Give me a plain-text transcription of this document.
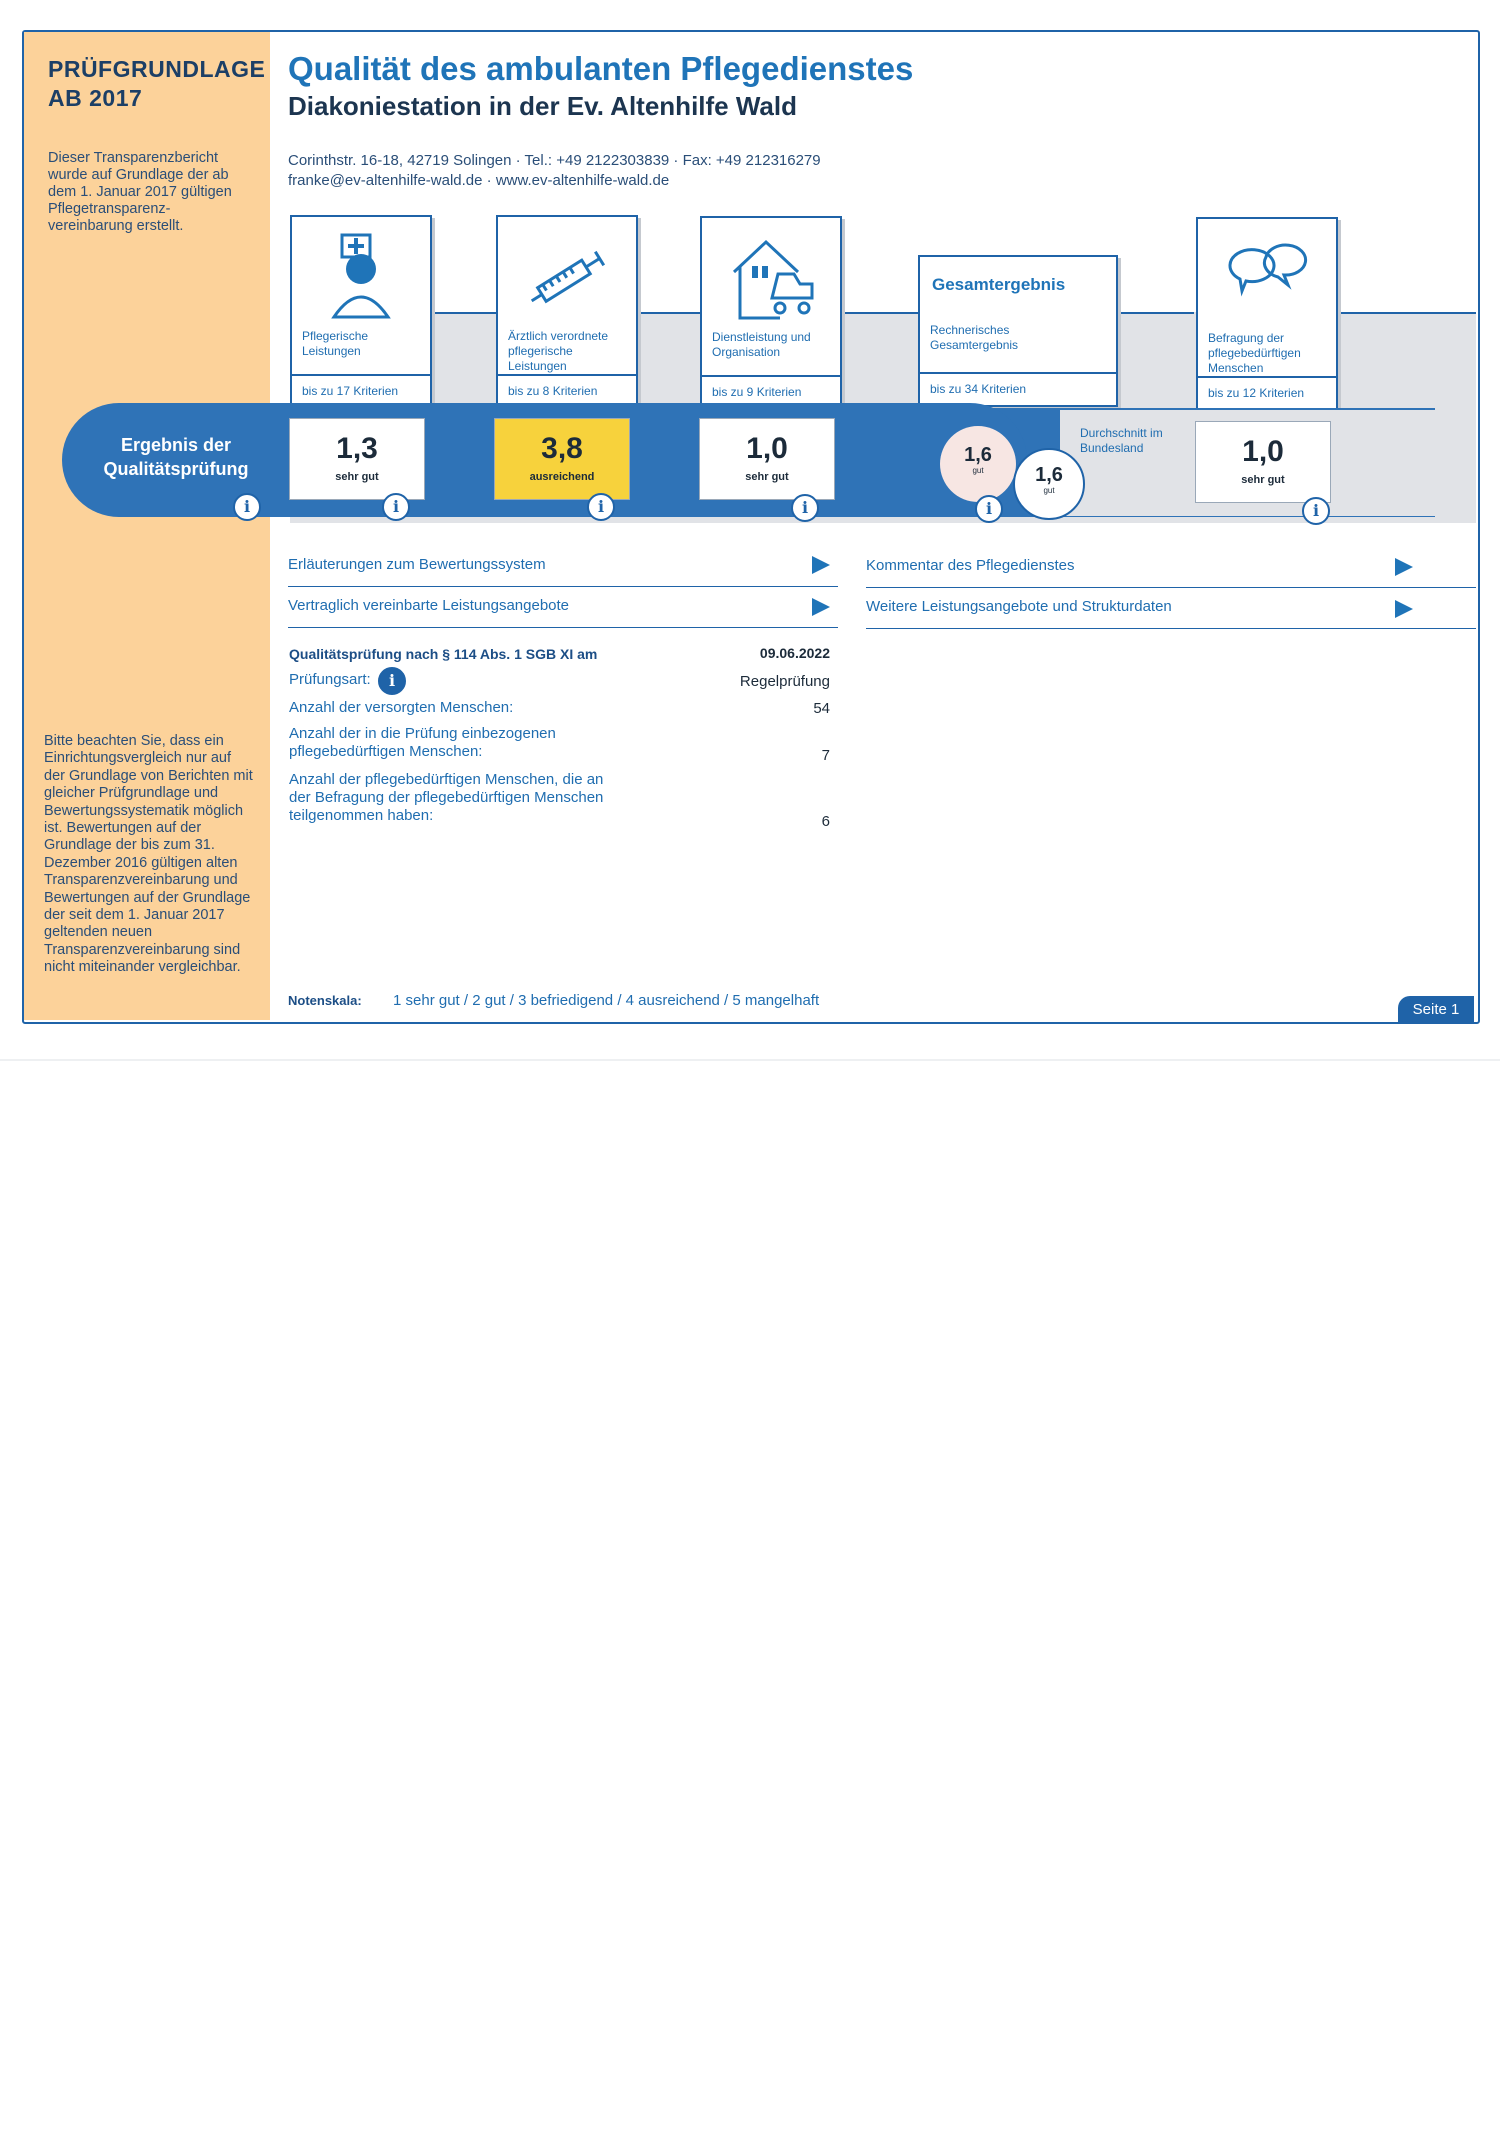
PRÜFGRUNDLAGE
AB 2017
Dieser Transparenzbericht wurde auf Grundlage der ab dem 1. Januar 2017 gültigen Pflegetransparenz-vereinbarung erstellt.
Bitte beachten Sie, dass ein Einrichtungsvergleich nur auf der Grundlage von Berichten mit gleicher Prüfgrundlage und Bewertungssystematik möglich ist. Bewertungen auf der Grundlage der bis zum 31. Dezember 2016 gültigen alten Transparenzvereinbarung und Bewertungen auf der Grundlage der seit dem 1. Januar 2017 geltenden neuen Transparenzvereinbarung sind nicht miteinander vergleichbar.
Qualität des ambulanten Pflegedienstes
Diakoniestation in der Ev. Altenhilfe Wald
Corinthstr. 16-18, 42719 Solingen · Tel.: +49 2122303839 · Fax: +49 212316279
franke@ev-altenhilfe-wald.de · www.ev-altenhilfe-wald.de
Pflegerische Leistungen
bis zu 17 Kriterien
Ärztlich verordnete pflegerische Leistungen
bis zu 8 Kriterien
Dienstleistung und Organisation
bis zu 9 Kriterien
Gesamtergebnis
Rechnerisches Gesamtergebnis
bis zu 34 Kriterien
Befragung der pflegebedürftigen Menschen
bis zu 12 Kriterien
Ergebnis der Qualitätsprüfung
1,3
sehr gut
3,8
ausreichend
1,0
sehr gut
1,6
gut	1,6
gut
Durchschnitt im Bundesland	1,0
sehr gut
i	i	i	i	i	i
Erläuterungen zum Bewertungssystem
Vertraglich vereinbarte Leistungsangebote
Kommentar des Pflegedienstes
Weitere Leistungsangebote und Strukturdaten
Qualitätsprüfung nach § 114 Abs. 1 SGB XI am	09.06.2022
Prüfungsart:	i	Regelprüfung
Anzahl der versorgten Menschen:	54
Anzahl der in die Prüfung einbezogenen pflegebedürftigen Menschen:	7
Anzahl der pflegebedürftigen Menschen, die an der Befragung der pflegebedürftigen Menschen teilgenommen haben:	6
Notenskala: 1 sehr gut / 2 gut / 3 befriedigend / 4 ausreichend / 5 mangelhaft
Seite 1
